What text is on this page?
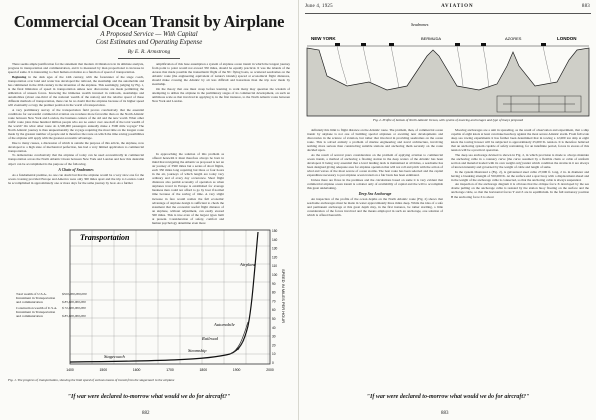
Commercial Ocean Transit by Airplane
A Proposed Service — With Capital
Cost Estimates and Operating Expense
By E. R. Armstrong

There seems ample justification for the statement that modern civilization is in its ultimate analysis, progress in transportation and communication, and it is measured by man proportional to increase in speed of same. It is interesting to chart human evolution as a function of speed of transportation.

Beginning in the dark ages of the 14th century, with the forerunner of the stage coach, transportation over land and water has developed the railroad, the steamship and the automobile and has culminated in the 20th century in the invention of the airplane. This seemingly, judging by Fig. 1, is the final limitation of speed in transportation unless new discoveries are made permitting the utilization of unseen forces. Knowing the immense wealth invested in railroads, steamships and automobiles (about one-third of the national wealth of the nation) and the relative speed of these different methods of transportation, there can be no doubt that the airplane because of its higher speed will eventually occupy the premier position in the world of transportation.

A very preliminary survey of the transportation field proves conclusively that the essential conditions for successful commercial aviation are nowhere more favorable than on the North Atlantic route between New York and London, the business centers of the old and the new world. What other traffic route joins three hundred million people who are no easier over one-half of the total wealth of the world? On what other route do 2,500,000 passengers annually make a 3500 mile voyage? The North Atlantic journey is thus unquestionably the voyage requiring the most time on the longest route made by the greatest number of people and is therefore the route on which the time saving possibilities of the airplane will apply with the greatest economic advantage.

Due to many causes, a discussion of which is outside the purpose of this article, the airplane, now developed to a high state of mechanical perfection, has had a very limited application to commercial transportation.

To demonstrate conclusively that the airplane of today can be used economically in commercial transportation across the North Atlantic Ocean between New York and London and how this desirable object can be accomplished is the purpose of the following.

A Chain of Seadromes

As a fundamental premise, no one can doubt but that the airplane would be a very slow one for the ocean crossing provided Europe and America were only 300 miles apart and the trip to London could be accomplished in approximately one or more days for the same journey by boat. As a further

amplification of this base assumption a system of airplane ocean transit in which the longest journey from point to point would not exceed 350 miles, should be equally practical. It was the islands of the Azores that made possible the transatlantic flight of the NC flying boats, so scattered seadromes on the Atlantic route (the engineering equivalent of nature's islands) spaced at economical flight distances, should make crossing the Atlantic by air less difficult and hazardous than the trip now made by steamship.

On the theory that one must creep before learning to walk many may question the wisdom of attempting to utilize the airplane in the preliminary stages of its commercial development, on such an ambitious scale as that involved in applying it, in the first instance, to the North Atlantic route between New York and London.

In approaching the solution of this problem as offered herewith it must therefore always be born in mind that navigating the Atlantic as proposed is not an air journey of 3500 miles but a series of short flights, each 350 miles long requiring but three or four hours in the air, journeys of which length are today very ordinary and of every day occurrence. Short flight distances also permit economy of operation as when airplanes travel in Europe is established for average business men could not afford to go by boat if normal time because of the saving of time. A very slight increase in fare would realize the full economic advantage of airplane design is sufficient to check the statement that the economic useful flight distance of an airplane, without adjustment, can easily exceed 500 miles. This is true even of the largest types built at present. Consideration of safety, comfort and human psychology determine even more

Transportation
Airplane
Automobile
Railroad
Steamship
Stagecoach
SPEED IN MILES PER HOUR
150
140
130
120
110
100
90
80
70
60
50
40
30
20
10
0
1400	1500	1600	1700	1800	1900	2000
Total wealth of U.S.A.	$320,000,000,000
Investment in Transportation
and communication	$ 85,000,000,000
Construction wealth of U.S.A.	$ 72,000,000,000
Investment in Transportation
and communication	$ 85,000,000,000
Fig. 1. The progress of transportation, showing the limit speed of various means of transit from the stagecoach to the airplane
"If war were declared to-morrow what would we do for aircraft?"
882
June 4, 1925	AVIATION	883
NEW YORK	LONDON
BERMUDA	AZORES
Seadromes
Fig. 2. Profile of bottom of North Atlantic Ocean, with system of mooring anchorages and type of buoys proposed

definitely this limit to flight distance on the Atlantic route. The problem, then, of commercial ocean transit by airplane is not one of building special airplanes or awaiting new developments and discoveries in the science of aviation, but rather that involved in providing seadromes on the ocean route. This is solved entirely a problem of marine engineering and naval architecture, involving nothing more serious than constructing suitable stations and anchoring them securely on the route decided upon.

As the result of several years consideration on the problem of applying aviation to commercial ocean transit, a method of anchoring a floating station in the deep waters of the Atlantic has been developed. It being very essential that a level landing deck is maintained at all times, a seadrome has been designed giving adequate area for airplane operation that will not roll and pitch with the action of wind and waves of the most severe of ocean storms. The best route has been selected and the capital expenditure necessary to put airplane ocean transit on a fair basis has been estimated.

Unless there are flaws in the premises and the calculations based on same it is very evident that commercial airplane ocean transit is a matter only of availability of capital and the will to accomplish this great undertaking.

Deep Sea Anchorage

An inspection of the profile of the ocean depths on the North Atlantic route (Fig. 2) shows that seadrome anchorages must be made in water approximately three miles deep. While the idea of a safe and permanent anchorage at this great depth may, in the first instance, be rather startling, a little consideration of the forces involved and the means employed in such an anchorage, one solution of which is offered herewith.

Mooring anchorages are a unit in spreading, as the result of observation and experiment, that a ship capable of eight knots at least can make headway against the most severe Atlantic storm. From full scale deep sea towing experiments it has further been determined that in towing a 12,000 ton ship at eight knots the towing hawser will be subjected to approximately 25,000 lb. tension. It is therefore believed that an anchoring system capable of safely restraining, for an indefinite period, forces in excess of this tension will be a practical operation.

The deep sea anchorage devised is shown in Fig. 2, in which provision is made to always maintain the anchoring cable in a catenary curve (the curve assumed by a flexible chain or cable of uniform section and material loaded with its own weight only) under which condition the strains in it are always of known intensity and governed by the weight of cable and length of same.

In the system illustrated a (Fig. 2), is galvanized steel cable 27,600 ft. long, 2 in. in diameter and having a breaking strength of 550,000 lb. At the surface end a spar buoy with a displacement ahead and in the weight of the anchorage cable is connected, so that the anchoring cable is always suspended.

An inspection of the anchorage diagram it is obvious that the oblique force X developed by the sea drome pulling on the anchorage cable is resisted by the station buoy floating on the surface and the anchorage cable, so that the horizontal forces Y and Z are in equilibrium. In the full stationary position B the anchoring force Z is about

"If war were declared to-morrow what would we do for aircraft?"
883
